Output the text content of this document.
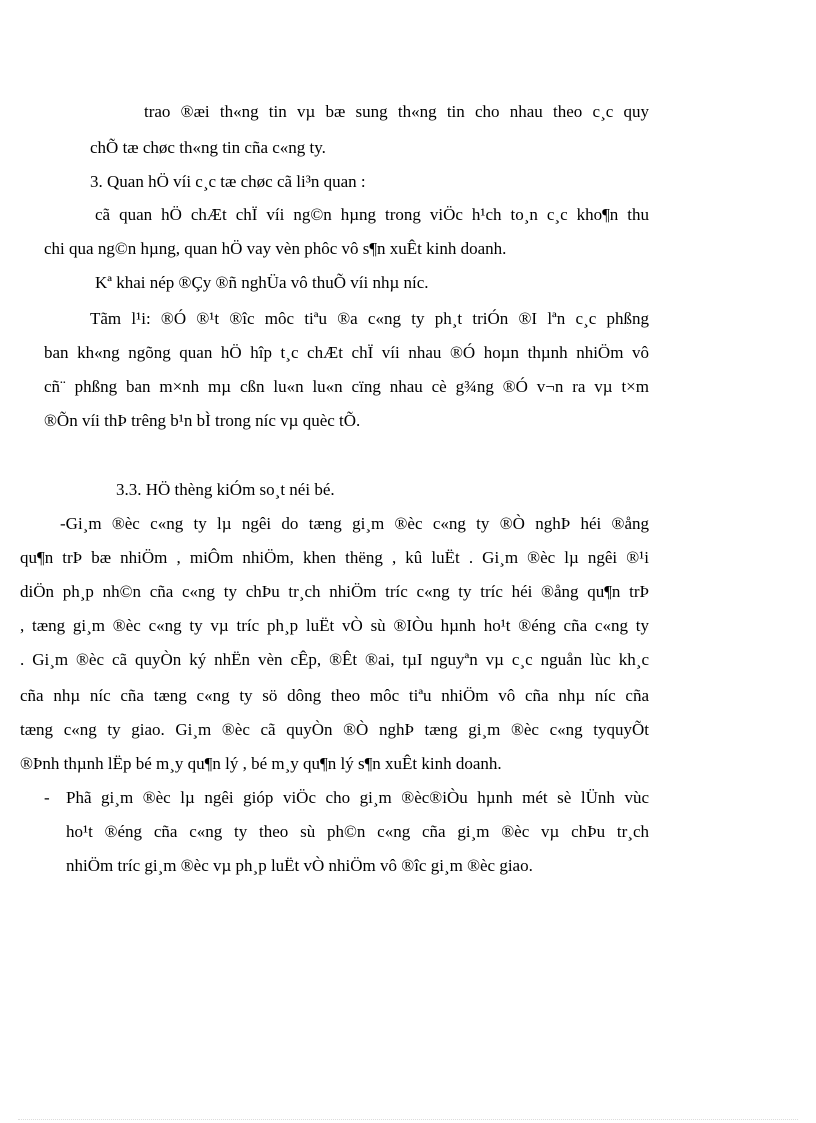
trao ®æi th«ng tin vµ bæ sung th«ng tin cho nhau theo c¸c quy
chÕ tæ chøc th«ng tin cña c«ng ty.
3. Quan hÖ víi c¸c tæ chøc cã li³n quan :
cã quan hÖ chÆt chÏ víi ng©n hµng trong viÖc h¹ch to¸n c¸c kho¶n thu
chi qua ng©n hµng, quan hÖ vay vèn phôc vô s¶n xuÊt kinh doanh.
Kª khai nép ®Çy ®ñ nghÜa vô thuÕ víi nhµ níc.
Tãm l¹i: ®Ó ®¹t ®îc môc tiªu ®a c«ng ty ph¸t triÓn ®I lªn c¸c phßng
ban kh«ng ngõng quan hÖ hîp t¸c chÆt chÏ víi nhau ®Ó hoµn thµnh nhiÖm vô
cñ¨ phßng ban m×nh mµ cßn lu«n lu«n cïng nhau cè g¾ng ®Ó v¬n ra vµ t×m
®Õn víi thÞ trêng b¹n bÌ trong níc vµ quèc tÕ.
3.3. HÖ thèng kiÓm so¸t néi bé.
-Gi¸m ®èc c«ng ty lµ ngêi do tæng gi¸m ®èc c«ng ty ®Ò nghÞ héi ®ång
qu¶n trÞ bæ nhiÖm , miÔm nhiÖm, khen thëng , kû luËt . Gi¸m ®èc lµ ngêi ®¹i
diÖn ph¸p nh©n cña c«ng ty chÞu tr¸ch nhiÖm tríc c«ng ty tríc héi ®ång qu¶n trÞ
, tæng gi¸m ®èc c«ng ty vµ tríc ph¸p luËt vÒ sù ®IÒu hµnh ho¹t ®éng cña c«ng ty
. Gi¸m ®èc cã quyÒn ký nhËn vèn cÊp, ®Êt ®ai, tµI nguyªn vµ c¸c nguån lùc kh¸c
cña nhµ níc cña tæng c«ng ty sö dông theo môc tiªu nhiÖm vô cña nhµ níc cña
tæng c«ng ty giao. Gi¸m ®èc cã quyÒn ®Ò nghÞ tæng gi¸m ®èc c«ng tyquyÕt
®Þnh thµnh lËp bé m¸y qu¶n lý , bé m¸y qu¶n lý s¶n xuÊt kinh doanh.
- Phã gi¸m ®èc lµ ngêi gióp viÖc cho gi¸m ®èc®iÒu hµnh mét sè lÜnh vùc
ho¹t ®éng cña c«ng ty theo sù ph©n c«ng cña gi¸m ®èc vµ chÞu tr¸ch
nhiÖm tríc gi¸m ®èc vµ ph¸p luËt vÒ nhiÖm vô ®îc gi¸m ®èc giao.
